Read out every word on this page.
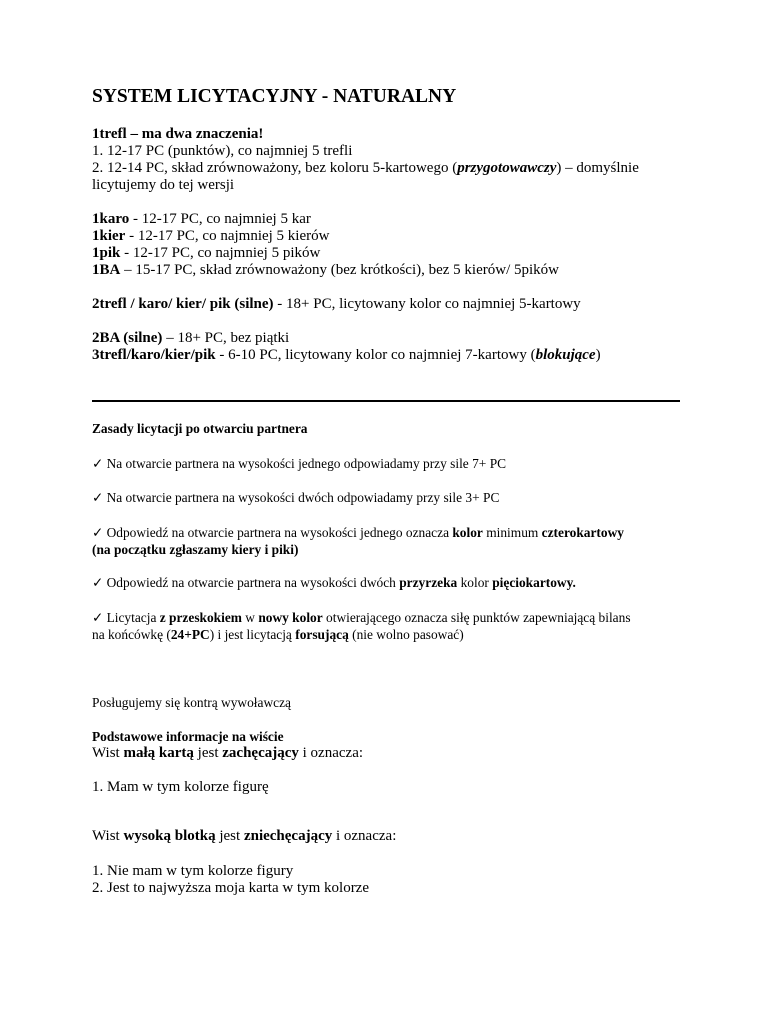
SYSTEM LICYTACYJNY - NATURALNY
1trefl – ma dwa znaczenia!
1. 12-17 PC (punktów), co najmniej 5 trefli
2. 12-14 PC, skład zrównoważony, bez koloru 5-kartowego (przygotowawczy) – domyślnie
licytujemy do tej wersji
1karo - 12-17 PC, co najmniej 5 kar
1kier - 12-17 PC, co najmniej 5 kierów
1pik - 12-17 PC, co najmniej 5 pików
1BA – 15-17 PC, skład zrównoważony (bez krótkości), bez 5 kierów/ 5pików
2trefl / karo/ kier/ pik (silne) - 18+ PC, licytowany kolor co najmniej 5-kartowy
2BA (silne) – 18+ PC, bez piątki
3trefl/karo/kier/pik - 6-10 PC, licytowany kolor co najmniej 7-kartowy (blokujące)
Zasady licytacji po otwarciu partnera
✓ Na otwarcie partnera na wysokości jednego odpowiadamy przy sile 7+ PC
✓ Na otwarcie partnera na wysokości dwóch odpowiadamy przy sile 3+ PC
✓ Odpowiedź na otwarcie partnera na wysokości jednego oznacza kolor minimum czterokartowy
(na początku zgłaszamy kiery i piki)
✓ Odpowiedź na otwarcie partnera na wysokości dwóch przyrzeka kolor pięciokartowy.
✓ Licytacja z przeskokiem w nowy kolor otwierającego oznacza siłę punktów zapewniającą bilans
na końcówkę (24+PC) i jest licytacją forsującą (nie wolno pasować)
Posługujemy się kontrą wywoławczą
Podstawowe informacje na wiście
Wist małą kartą jest zachęcający i oznacza:
1. Mam w tym kolorze figurę
Wist wysoką blotką jest zniechęcający i oznacza:
1. Nie mam w tym kolorze figury
2. Jest to najwyższa moja karta w tym kolorze
